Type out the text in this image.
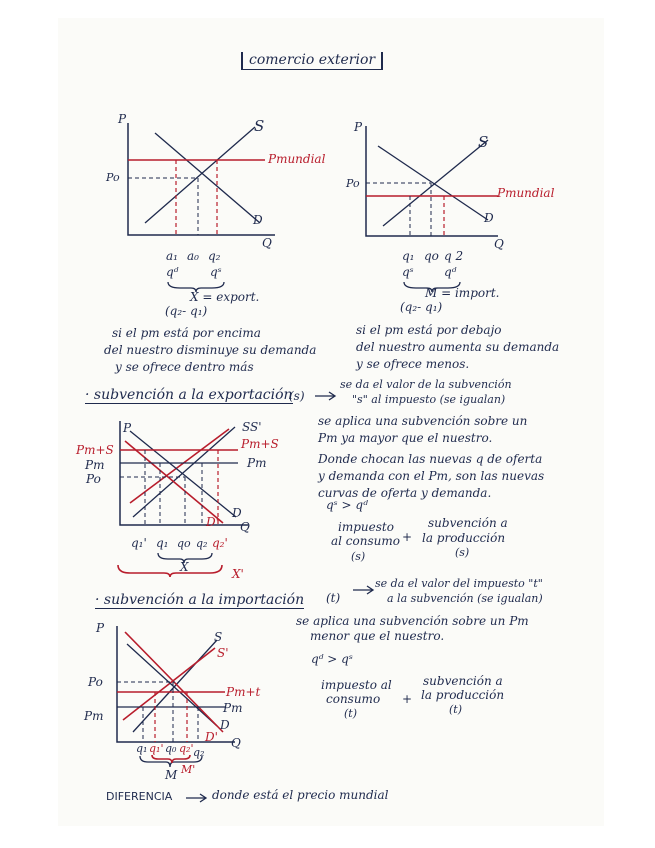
comercio exterior
P	S
Pmundial
Po
D
Q
a₁ a₀ q₂
qᵈ	qˢ
X = export.
(q₂- q₁)
P
S
Po
Pmundial
D
Q
q₁ qo q 2
qˢ	qᵈ
M = import.
(q₂- q₁)
si el pm está por encima
del nuestro disminuye su demanda
y se ofrece dentro más
si el pm está por debajo
del nuestro aumenta su demanda
y se ofrece menos.
· subvención a la exportación
(s)
se da el valor de la subvención
"s" al impuesto (se igualan)
P
Pm+S
Pm
Po
SS'
Pm+S
Pm
D
D' Q
q₁' q₁ qo q₂ q₂'
X	X'
se aplica una subvención sobre un
Pm ya mayor que el nuestro.
Donde chocan las nuevas q de oferta
y demanda con el Pm, son las nuevas
curvas de oferta y demanda.
qˢ > qᵈ
impuesto
al consumo
(s)
+
subvención a
la producción
(s)
· subvención a la importación (t)
se da el valor del impuesto "t"
a la subvención (se igualan)
P
S
S'
Po
Pm+t
Pm
Pm
D
D' Q
q₁ q₁' q₀ q₂' q₂
M M'
se aplica una subvención sobre un Pm
menor que el nuestro.
qᵈ > qˢ
impuesto al
consumo
(t)
+
subvención a
la producción
(t)
DIFERENCIA	donde está el precio mundial
